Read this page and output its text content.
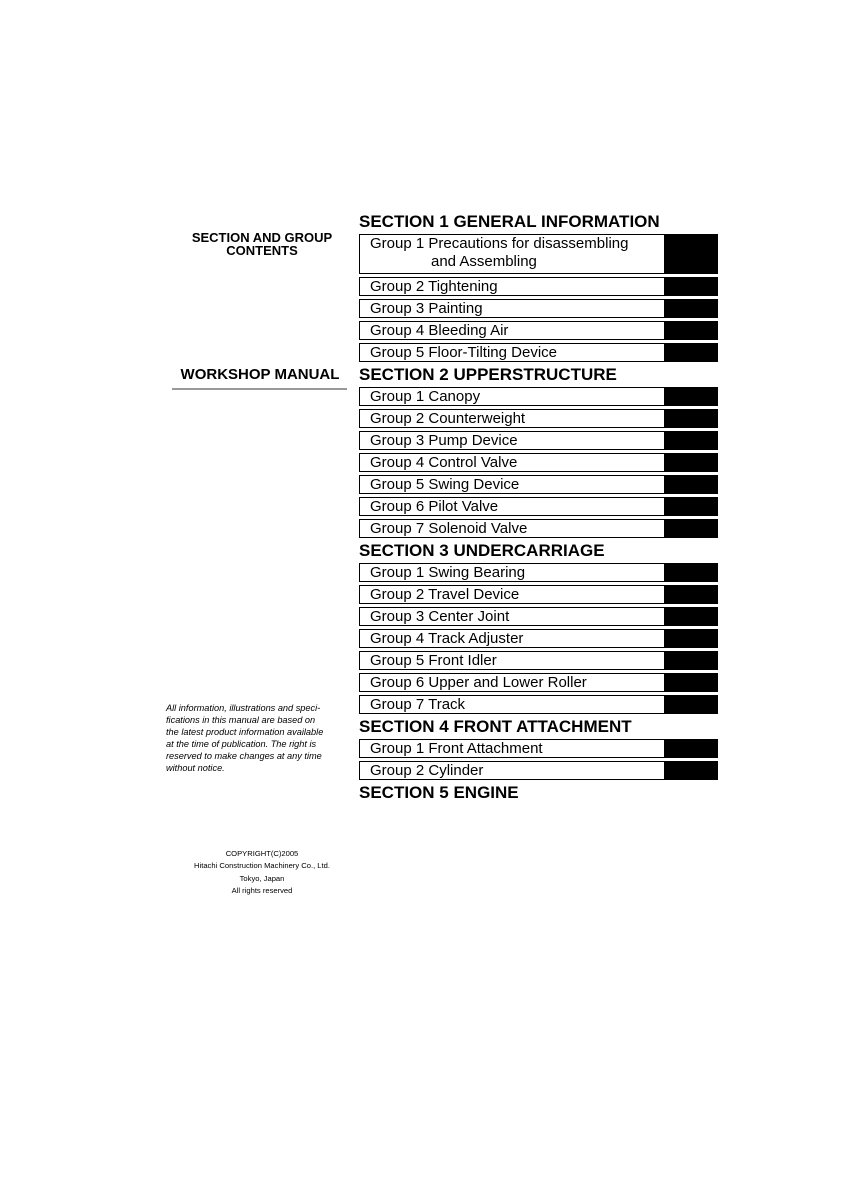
SECTION AND GROUP
CONTENTS
WORKSHOP MANUAL
All information, illustrations and speci-
fications in this manual are based on
the latest product information available
at the time of publication. The right is
reserved to make changes at any time
without notice.
COPYRIGHT(C)2005
Hitachi Construction Machinery Co., Ltd.
Tokyo, Japan
All rights reserved
SECTION 1 GENERAL INFORMATION
Group 1 Precautions for disassembling
and Assembling
Group 2 Tightening
Group 3 Painting
Group 4 Bleeding Air
Group 5 Floor-Tilting Device
SECTION 2 UPPERSTRUCTURE
Group 1 Canopy
Group 2 Counterweight
Group 3 Pump Device
Group 4 Control Valve
Group 5 Swing Device
Group 6 Pilot Valve
Group 7 Solenoid Valve
SECTION 3 UNDERCARRIAGE
Group 1 Swing Bearing
Group 2 Travel Device
Group 3 Center Joint
Group 4 Track Adjuster
Group 5 Front Idler
Group 6 Upper and Lower Roller
Group 7 Track
SECTION 4 FRONT ATTACHMENT
Group 1 Front Attachment
Group 2 Cylinder
SECTION 5 ENGINE
